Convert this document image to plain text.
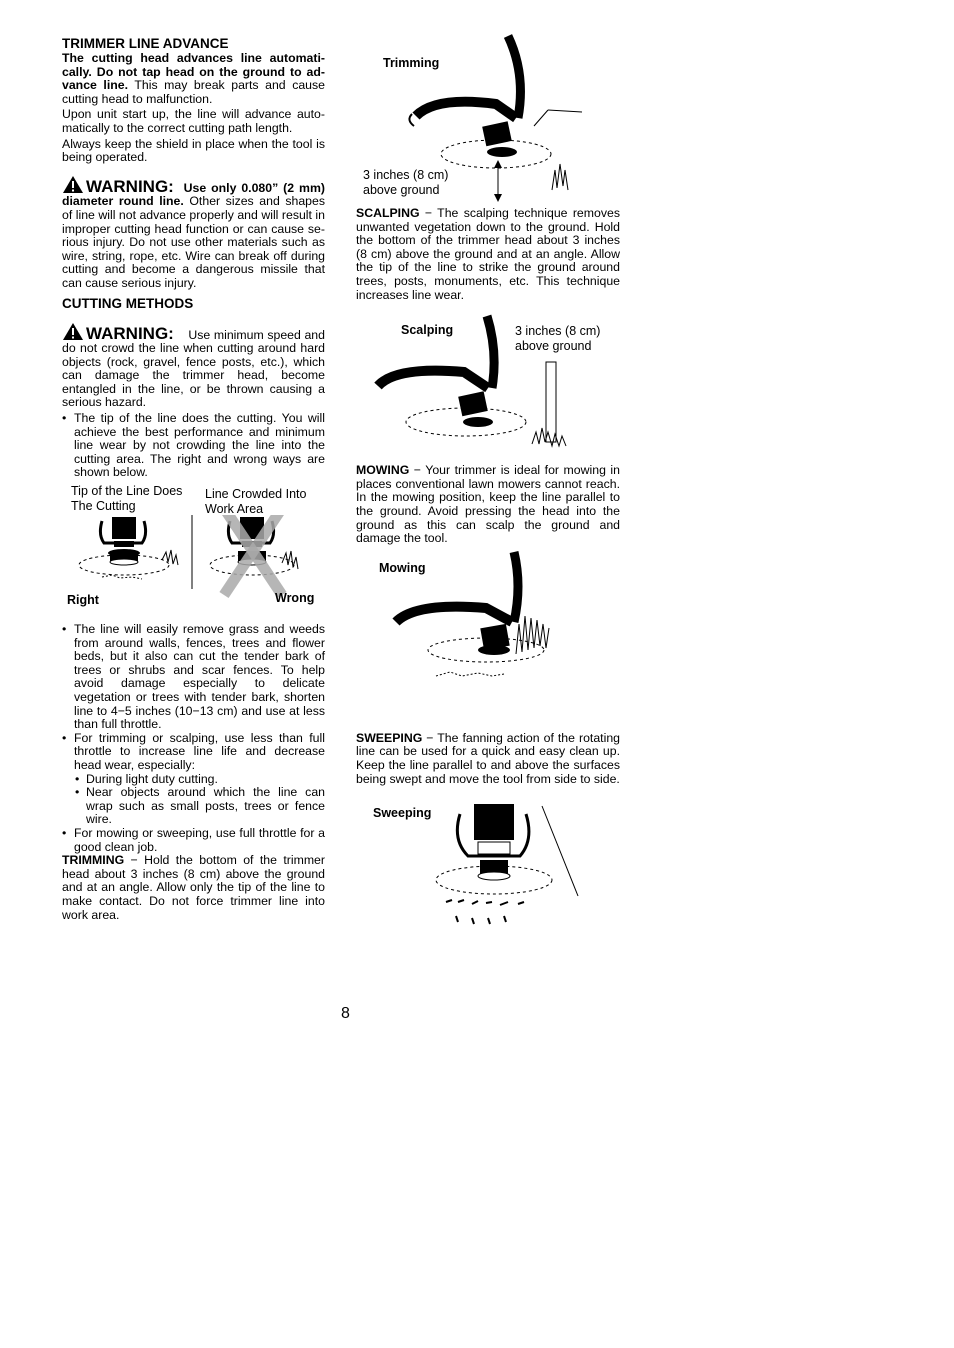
TRIMMER LINE ADVANCE

The cutting head advances line automatically. Do not tap head on the ground to advance line. This may break parts and cause cutting head to malfunction.

Upon unit start up, the line will advance automatically to the correct cutting path length.

Always keep the shield in place when the tool is being operated.

WARNING: Use only 0.080” (2 mm) diameter round line. Other sizes and shapes of line will not advance properly and will result in improper cutting head function or can cause serious injury. Do not use other materials such as wire, string, rope, etc. Wire can break off during cutting and become a dangerous missile that can cause serious injury.

CUTTING METHODS

WARNING: Use minimum speed and do not crowd the line when cutting around hard objects (rock, gravel, fence posts, etc.), which can damage the trimmer head, become entangled in the line, or be thrown causing a serious hazard.

• The tip of the line does the cutting. You will achieve the best performance and minimum line wear by not crowding the line into the cutting area. The right and wrong ways are shown below.

Tip of the Line Does The Cutting
Line Crowded Into Work Area
Right	Wrong

• The line will easily remove grass and weeds from around walls, fences, trees and flower beds, but it also can cut the tender bark of trees or shrubs and scar fences. To help avoid damage especially to delicate vegetation or trees with tender bark, shorten line to 4−5 inches (10−13 cm) and use at less than full throttle.

• For trimming or scalping, use less than full throttle to increase line life and decrease head wear, especially:

• During light duty cutting.

• Near objects around which the line can wrap such as small posts, trees or fence wire.

• For mowing or sweeping, use full throttle for a good clean job.

TRIMMING − Hold the bottom of the trimmer head about 3 inches (8 cm) above the ground and at an angle. Allow only the tip of the line to make contact. Do not force trimmer line into work area.

Trimming
3 inches (8 cm) above ground

SCALPING − The scalping technique removes unwanted vegetation down to the ground. Hold the bottom of the trimmer head about 3 inches (8 cm) above the ground and at an angle. Allow the tip of the line to strike the ground around trees, posts, monuments, etc. This technique increases line wear.

Scalping	3 inches (8 cm) above ground

MOWING − Your trimmer is ideal for mowing in places conventional lawn mowers cannot reach. In the mowing position, keep the line parallel to the ground. Avoid pressing the head into the ground as this can scalp the ground and damage the tool.

Mowing

SWEEPING − The fanning action of the rotating line can be used for a quick and easy clean up. Keep the line parallel to and above the surfaces being swept and move the tool from side to side.

Sweeping
8
